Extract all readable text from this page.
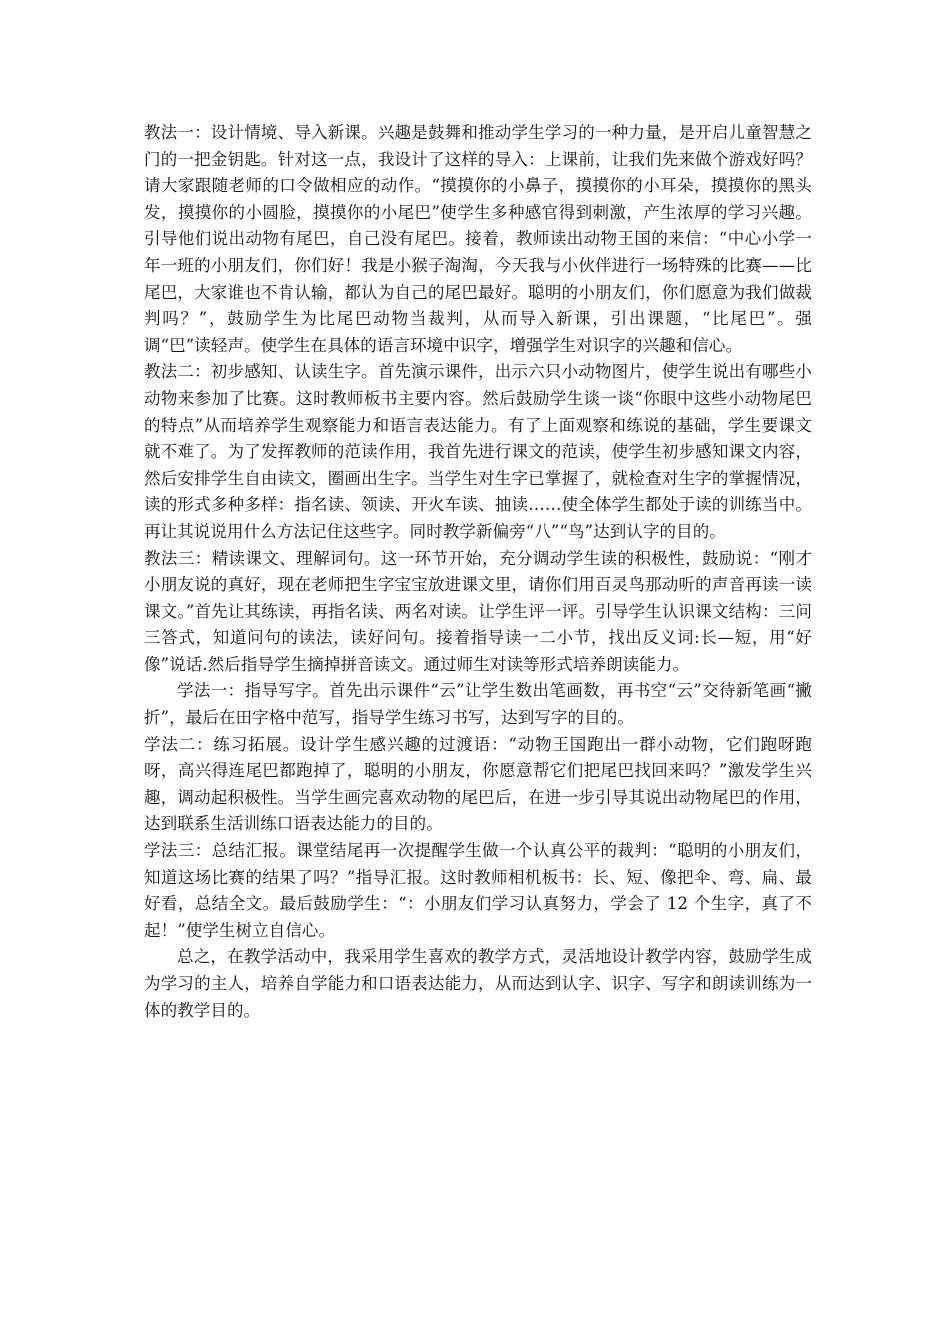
教法一：设计情境、导入新课。兴趣是鼓舞和推动学生学习的一种力量，是开启儿童智慧之门的一把金钥匙。针对这一点，我设计了这样的导入：上课前，让我们先来做个游戏好吗？请大家跟随老师的口令做相应的动作。“摸摸你的小鼻子，摸摸你的小耳朵，摸摸你的黑头发，摸摸你的小圆脸，摸摸你的小尾巴”使学生多种感官得到刺激，产生浓厚的学习兴趣。引导他们说出动物有尾巴，自己没有尾巴。接着，教师读出动物王国的来信：“中心小学一年一班的小朋友们，你们好！我是小猴子淘淘，今天我与小伙伴进行一场特殊的比赛——比尾巴，大家谁也不肯认输，都认为自己的尾巴最好。聪明的小朋友们，你们愿意为我们做裁判吗？”，鼓励学生为比尾巴动物当裁判，从而导入新课，引出课题，“比尾巴”。强调“巴”读轻声。使学生在具体的语言环境中识字，增强学生对识字的兴趣和信心。

教法二：初步感知、认读生字。首先演示课件，出示六只小动物图片，使学生说出有哪些小动物来参加了比赛。这时教师板书主要内容。然后鼓励学生谈一谈“你眼中这些小动物尾巴的特点”从而培养学生观察能力和语言表达能力。有了上面观察和练说的基础，学生要课文就不难了。为了发挥教师的范读作用，我首先进行课文的范读，使学生初步感知课文内容，然后安排学生自由读文，圈画出生字。当学生对生字已掌握了，就检查对生字的掌握情况，读的形式多种多样：指名读、领读、开火车读、抽读……使全体学生都处于读的训练当中。再让其说说用什么方法记住这些字。同时教学新偏旁“八”“鸟”达到认字的目的。

教法三：精读课文、理解词句。这一环节开始，充分调动学生读的积极性，鼓励说：“刚才小朋友说的真好，现在老师把生字宝宝放进课文里，请你们用百灵鸟那动听的声音再读一读课文。”首先让其练读，再指名读、两名对读。让学生评一评。引导学生认识课文结构：三问三答式，知道问句的读法，读好问句。接着指导读一二小节，找出反义词:长—短，用“好像”说话.然后指导学生摘掉拼音读文。通过师生对读等形式培养朗读能力。

学法一：指导写字。首先出示课件“云”让学生数出笔画数，再书空“云”交待新笔画“撇折”，最后在田字格中范写，指导学生练习书写，达到写字的目的。

学法二：练习拓展。设计学生感兴趣的过渡语：“动物王国跑出一群小动物，它们跑呀跑呀，高兴得连尾巴都跑掉了，聪明的小朋友，你愿意帮它们把尾巴找回来吗？”激发学生兴趣，调动起积极性。当学生画完喜欢动物的尾巴后，在进一步引导其说出动物尾巴的作用，达到联系生活训练口语表达能力的目的。

学法三：总结汇报。课堂结尾再一次提醒学生做一个认真公平的裁判：“聪明的小朋友们，知道这场比赛的结果了吗？”指导汇报。这时教师相机板书：长、短、像把伞、弯、扁、最好看，总结全文。最后鼓励学生：“：小朋友们学习认真努力，学会了 12 个生字，真了不起！”使学生树立自信心。

总之，在教学活动中，我采用学生喜欢的教学方式，灵活地设计教学内容，鼓励学生成为学习的主人，培养自学能力和口语表达能力，从而达到认字、识字、写字和朗读训练为一体的教学目的。
